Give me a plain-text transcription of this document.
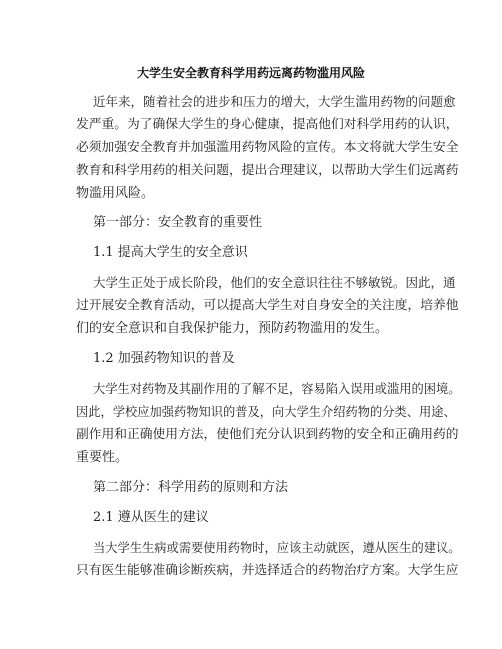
大学生安全教育科学用药远离药物滥用风险
近年来，随着社会的进步和压力的增大，大学生滥用药物的问题愈
发严重。为了确保大学生的身心健康，提高他们对科学用药的认识，
必须加强安全教育并加强滥用药物风险的宣传。本文将就大学生安全
教育和科学用药的相关问题，提出合理建议，以帮助大学生们远离药
物滥用风险。
第一部分：安全教育的重要性
1.1 提高大学生的安全意识
大学生正处于成长阶段，他们的安全意识往往不够敏锐。因此，通
过开展安全教育活动，可以提高大学生对自身安全的关注度，培养他
们的安全意识和自我保护能力，预防药物滥用的发生。
1.2 加强药物知识的普及
大学生对药物及其副作用的了解不足，容易陷入误用或滥用的困境。
因此，学校应加强药物知识的普及，向大学生介绍药物的分类、用途、
副作用和正确使用方法，使他们充分认识到药物的安全和正确用药的
重要性。
第二部分：科学用药的原则和方法
2.1 遵从医生的建议
当大学生生病或需要使用药物时，应该主动就医，遵从医生的建议。
只有医生能够准确诊断疾病，并选择适合的药物治疗方案。大学生应
